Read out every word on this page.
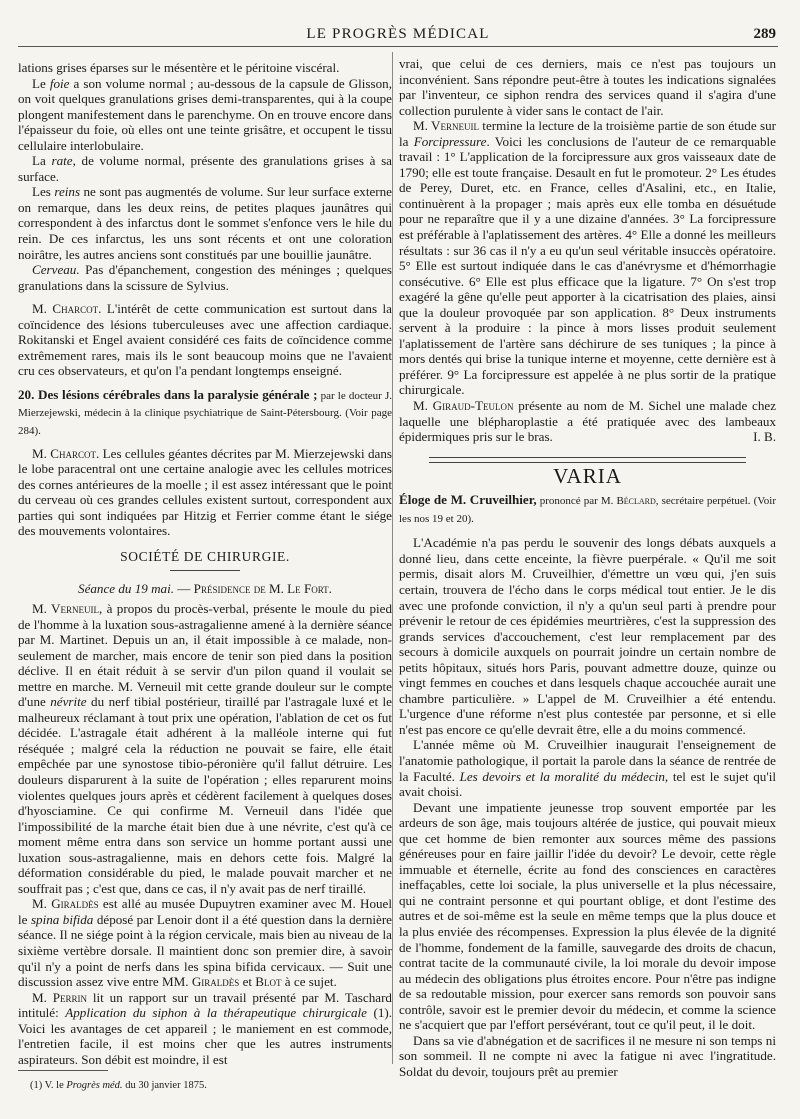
LE PROGRÈS MÉDICAL	289

lations grises éparses sur le mésentère et le péritoine viscéral.

Le foie a son volume normal ; au-dessous de la capsule de Glisson, on voit quelques granulations grises demi-transparentes, qui à la coupe plongent manifestement dans le parenchyme. On en trouve encore dans l'épaisseur du foie, où elles ont une teinte grisâtre, et occupent le tissu cellulaire interlobulaire.

La rate, de volume normal, présente des granulations grises à sa surface.

Les reins ne sont pas augmentés de volume. Sur leur surface externe on remarque, dans les deux reins, de petites plaques jaunâtres qui correspondent à des infarctus dont le sommet s'enfonce vers le hile du rein. De ces infarctus, les uns sont récents et ont une coloration noirâtre, les autres anciens sont constitués par une bouillie jaunâtre.

Cerveau. Pas d'épanchement, congestion des méninges ; quelques granulations dans la scissure de Sylvius.

M. Charcot. L'intérêt de cette communication est surtout dans la coïncidence des lésions tuberculeuses avec une affection cardiaque. Rokitanski et Engel avaient considéré ces faits de coïncidence comme extrêmement rares, mais ils le sont beaucoup moins que ne l'avaient cru ces observateurs, et qu'on l'a pendant longtemps enseigné.

20. Des lésions cérébrales dans la paralysie générale ; par le docteur J. Mierzejewski, médecin à la clinique psychiatrique de Saint-Pétersbourg. (Voir page 284).

M. Charcot. Les cellules géantes décrites par M. Mierzejewski dans le lobe paracentral ont une certaine analogie avec les cellules motrices des cornes antérieures de la moelle ; il est assez intéressant que le point du cerveau où ces grandes cellules existent surtout, correspondent aux parties qui sont indiquées par Hitzig et Ferrier comme étant le siége des mouvements volontaires.

SOCIÉTÉ DE CHIRURGIE.

Séance du 19 mai. — Présidence de M. Le Fort.

M. Verneuil, à propos du procès-verbal, présente le moule du pied de l'homme à la luxation sous-astragalienne amené à la dernière séance par M. Martinet. Depuis un an, il était impossible à ce malade, non-seulement de marcher, mais encore de tenir son pied dans la position déclive. Il en était réduit à se servir d'un pilon quand il voulait se mettre en marche. M. Verneuil mit cette grande douleur sur le compte d'une névrite du nerf tibial postérieur, tiraillé par l'astragale luxé et le malheureux réclamant à tout prix une opération, l'ablation de cet os fut décidée. L'astragale était adhérent à la malléole interne qui fut réséquée ; malgré cela la réduction ne pouvait se faire, elle était empêchée par une synostose tibio-péronière qu'il fallut détruire. Les douleurs disparurent à la suite de l'opération ; elles reparurent moins violentes quelques jours après et cédèrent facilement à quelques doses d'hyosciamine. Ce qui confirme M. Verneuil dans l'idée que l'impossibilité de la marche était bien due à une névrite, c'est qu'à ce moment même entra dans son service un homme portant aussi une luxation sous-astragalienne, mais en dehors cette fois. Malgré la déformation considérable du pied, le malade pouvait marcher et ne souffrait pas ; c'est que, dans ce cas, il n'y avait pas de nerf tiraillé.

M. Giraldès est allé au musée Dupuytren examiner avec M. Houel le spina bifida déposé par Lenoir dont il a été question dans la dernière séance. Il ne siége point à la région cervicale, mais bien au niveau de la sixième vertèbre dorsale. Il maintient donc son premier dire, à savoir qu'il n'y a point de nerfs dans les spina bifida cervicaux. — Suit une discussion assez vive entre MM. Giraldès et Blot à ce sujet.

M. Perrin lit un rapport sur un travail présenté par M. Taschard intitulé: Application du siphon à la thérapeutique chirurgicale (1). Voici les avantages de cet appareil ; le maniement en est commode, l'entretien facile, il est moins cher que les autres instruments aspirateurs. Son débit est moindre, il est

vrai, que celui de ces derniers, mais ce n'est pas toujours un inconvénient. Sans répondre peut-être à toutes les indications signalées par l'inventeur, ce siphon rendra des services quand il s'agira d'une collection purulente à vider sans le contact de l'air.

M. Verneuil termine la lecture de la troisième partie de son étude sur la Forcipressure. Voici les conclusions de l'auteur de ce remarquable travail : 1° L'application de la forcipressure aux gros vaisseaux date de 1790; elle est toute française. Desault en fut le promoteur. 2° Les études de Perey, Duret, etc. en France, celles d'Asalini, etc., en Italie, continuèrent à la propager ; mais après eux elle tomba en désuétude pour ne reparaître que il y a une dizaine d'années. 3° La forcipressure est préférable à l'aplatissement des artères. 4° Elle a donné les meilleurs résultats : sur 36 cas il n'y a eu qu'un seul véritable insuccès opératoire. 5° Elle est surtout indiquée dans le cas d'anévrysme et d'hémorrhagie consécutive. 6° Elle est plus efficace que la ligature. 7° On s'est trop exagéré la gêne qu'elle peut apporter à la cicatrisation des plaies, ainsi que la douleur provoquée par son application. 8° Deux instruments servent à la produire : la pince à mors lisses produit seulement l'aplatissement de l'artère sans déchirure de ses tuniques ; la pince à mors dentés qui brise la tunique interne et moyenne, cette dernière est à préférer. 9° La forcipressure est appelée à ne plus sortir de la pratique chirurgicale.

M. Giraud-Teulon présente au nom de M. Sichel une malade chez laquelle une blépharoplastie a été pratiquée avec des lambeaux épidermiques pris sur le bras.	I. B.

VARIA

Éloge de M. Cruveilhier, prononcé par M. Béclard, secrétaire perpétuel. (Voir les nos 19 et 20).

L'Académie n'a pas perdu le souvenir des longs débats auxquels a donné lieu, dans cette enceinte, la fièvre puerpérale. « Qu'il me soit permis, disait alors M. Cruveilhier, d'émettre un vœu qui, j'en suis certain, trouvera de l'écho dans le corps médical tout entier. Je le dis avec une profonde conviction, il n'y a qu'un seul parti à prendre pour prévenir le retour de ces épidémies meurtrières, c'est la suppression des grands services d'accouchement, c'est leur remplacement par des secours à domicile auxquels on pourrait joindre un certain nombre de petits hôpitaux, situés hors Paris, pouvant admettre douze, quinze ou vingt femmes en couches et dans lesquels chaque accouchée aurait une chambre particulière. » L'appel de M. Cruveilhier a été entendu. L'urgence d'une réforme n'est plus contestée par personne, et si elle n'est pas encore ce qu'elle devrait être, elle a du moins commencé.

L'année même où M. Cruveilhier inaugurait l'enseignement de l'anatomie pathologique, il portait la parole dans la séance de rentrée de la Faculté. Les devoirs et la moralité du médecin, tel est le sujet qu'il avait choisi.

Devant une impatiente jeunesse trop souvent emportée par les ardeurs de son âge, mais toujours altérée de justice, qui pouvait mieux que cet homme de bien remonter aux sources même des passions généreuses pour en faire jaillir l'idée du devoir? Le devoir, cette règle immuable et éternelle, écrite au fond des consciences en caractères ineffaçables, cette loi sociale, la plus universelle et la plus nécessaire, qui ne contraint personne et qui pourtant oblige, et dont l'estime des autres et de soi-même est la seule en même temps que la plus douce et la plus enviée des récompenses. Expression la plus élevée de la dignité de l'homme, fondement de la famille, sauvegarde des droits de chacun, contrat tacite de la communauté civile, la loi morale du devoir impose au médecin des obligations plus étroites encore. Pour n'être pas indigne de sa redoutable mission, pour exercer sans remords son pouvoir sans contrôle, savoir est le premier devoir du médecin, et comme la science ne s'acquiert que par l'effort persévérant, tout ce qu'il peut, il le doit.

Dans sa vie d'abnégation et de sacrifices il ne mesure ni son temps ni son sommeil. Il ne compte ni avec la fatigue ni avec l'ingratitude. Soldat du devoir, toujours prêt au premier

(1) V. le Progrès méd. du 30 janvier 1875.
